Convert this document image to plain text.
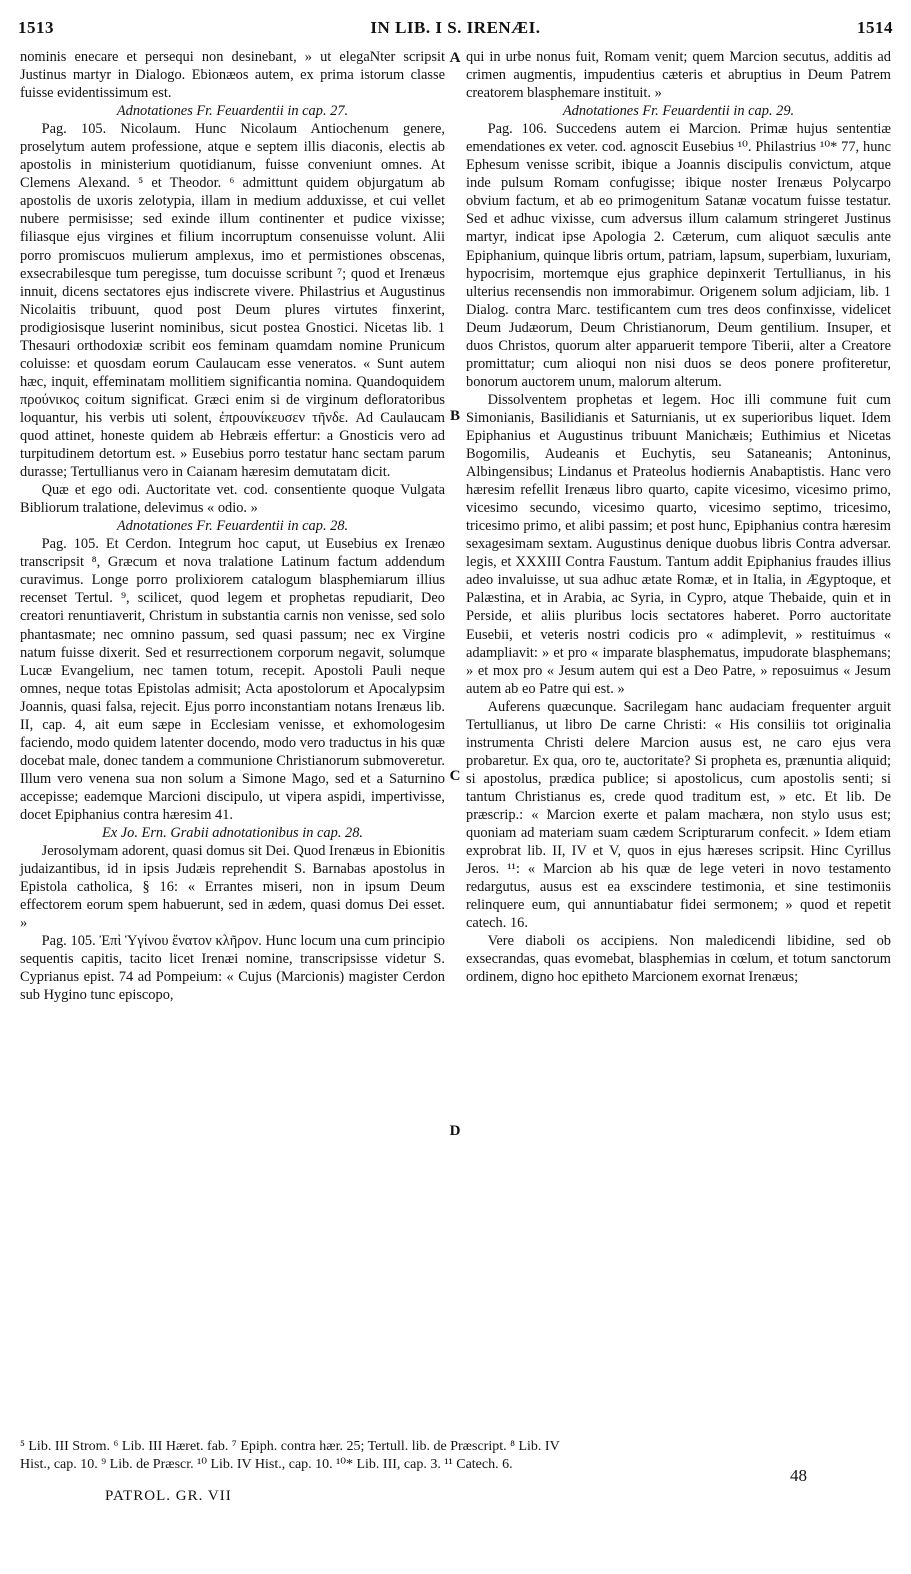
1513	IN LIB. I S. IRENÆI.	1514

nominis enecare et persequi non desinebant, » ut elegaNter scripsit Justinus martyr in Dialogo. Ebionæos autem, ex prima istorum classe fuisse evidentissimum est.

Adnotationes Fr. Feuardentii in cap. 27.

Pag. 105. Nicolaum. Hunc Nicolaum Antiochenum genere, proselytum autem professione, atque e septem illis diaconis, electis ab apostolis in ministerium quotidianum, fuisse conveniunt omnes. At Clemens Alexand. ⁵ et Theodor. ⁶ admittunt quidem objurgatum ab apostolis de uxoris zelotypia, illam in medium adduxisse, et cui vellet nubere permisisse; sed exinde illum continenter et pudice vixisse; filiasque ejus virgines et filium incorruptum consenuisse volunt. Alii porro promiscuos mulierum amplexus, imo et permistiones obscenas, exsecrabilesque tum peregisse, tum docuisse scribunt ⁷; quod et Irenæus innuit, dicens sectatores ejus indiscrete vivere. Philastrius et Augustinus Nicolaitis tribuunt, quod post Deum plures virtutes finxerint, prodigiosisque luserint nominibus, sicut postea Gnostici. Nicetas lib. 1 Thesauri orthodoxiæ scribit eos feminam quamdam nomine Prunicum coluisse: et quosdam eorum Caulaucam esse veneratos. « Sunt autem hæc, inquit, effeminatam mollitiem significantia nomina. Quandoquidem προύνικος coitum significat. Græci enim si de virginum defloratoribus loquantur, his verbis uti solent, ἐπρουνίκευσεν τῆνδε. Ad Caulaucam quod attinet, honeste quidem ab Hebræis effertur: a Gnosticis vero ad turpitudinem detortum est. » Eusebius porro testatur hanc sectam parum durasse; Tertullianus vero in Caianam hæresim demutatam dicit.

Quæ et ego odi. Auctoritate vet. cod. consentiente quoque Vulgata Bibliorum tralatione, delevimus « odio. »

Adnotationes Fr. Feuardentii in cap. 28.

Pag. 105. Et Cerdon. Integrum hoc caput, ut Eusebius ex Irenæo transcripsit ⁸, Græcum et nova tralatione Latinum factum addendum curavimus. Longe porro prolixiorem catalogum blasphemiarum illius recenset Tertul. ⁹, scilicet, quod legem et prophetas repudiarit, Deo creatori renuntiaverit, Christum in substantia carnis non venisse, sed solo phantasmate; nec omnino passum, sed quasi passum; nec ex Virgine natum fuisse dixerit. Sed et resurrectionem corporum negavit, solumque Lucæ Evangelium, nec tamen totum, recepit. Apostoli Pauli neque omnes, neque totas Epistolas admisit; Acta apostolorum et Apocalypsim Joannis, quasi falsa, rejecit. Ejus porro inconstantiam notans Irenæus lib. II, cap. 4, ait eum sæpe in Ecclesiam venisse, et exhomologesim faciendo, modo quidem latenter docendo, modo vero traductus in his quæ docebat male, donec tandem a communione Christianorum submoveretur. Illum vero venena sua non solum a Simone Mago, sed et a Saturnino accepisse; eademque Marcioni discipulo, ut vipera aspidi, impertivisse, docet Epiphanius contra hæresim 41.

Ex Jo. Ern. Grabii adnotationibus in cap. 28.

Jerosolymam adorent, quasi domus sit Dei. Quod Irenæus in Ebionitis judaizantibus, id in ipsis Judæis reprehendit S. Barnabas apostolus in Epistola catholica, § 16: « Errantes miseri, non in ipsum Deum effectorem eorum spem habuerunt, sed in ædem, quasi domus Dei esset. »

Pag. 105. Ἐπὶ Ὑγίνου ἔνατον κλῆρον. Hunc locum una cum principio sequentis capitis, tacito licet Irenæi nomine, transcripsisse videtur S. Cyprianus epist. 74 ad Pompeium: « Cujus (Marcionis) magister Cerdon sub Hygino tunc episcopo,

A
B
C
D

qui in urbe nonus fuit, Romam venit; quem Marcion secutus, additis ad crimen augmentis, impudentius cæteris et abruptius in Deum Patrem creatorem blasphemare instituit. »

Adnotationes Fr. Feuardentii in cap. 29.

Pag. 106. Succedens autem ei Marcion. Primæ hujus sententiæ emendationes ex veter. cod. agnoscit Eusebius ¹⁰. Philastrius ¹⁰* 77, hunc Ephesum venisse scribit, ibique a Joannis discipulis convictum, atque inde pulsum Romam confugisse; ibique noster Irenæus Polycarpo obvium factum, et ab eo primogenitum Satanæ vocatum fuisse testatur. Sed et adhuc vixisse, cum adversus illum calamum stringeret Justinus martyr, indicat ipse Apologia 2. Cæterum, cum aliquot sæculis ante Epiphanium, quinque libris ortum, patriam, lapsum, superbiam, luxuriam, hypocrisim, mortemque ejus graphice depinxerit Tertullianus, in his ulterius recensendis non immorabimur. Origenem solum adjiciam, lib. 1 Dialog. contra Marc. testificantem cum tres deos confinxisse, videlicet Deum Judæorum, Deum Christianorum, Deum gentilium. Insuper, et duos Christos, quorum alter apparuerit tempore Tiberii, alter a Creatore promittatur; cum alioqui non nisi duos se deos ponere profiteretur, bonorum auctorem unum, malorum alterum.

Dissolventem prophetas et legem. Hoc illi commune fuit cum Simonianis, Basilidianis et Saturnianis, ut ex superioribus liquet. Idem Epiphanius et Augustinus tribuunt Manichæis; Euthimius et Nicetas Bogomilis, Audeanis et Euchytis, seu Sataneanis; Antoninus, Albingensibus; Lindanus et Prateolus hodiernis Anabaptistis. Hanc vero hæresim refellit Irenæus libro quarto, capite vicesimo, vicesimo primo, vicesimo secundo, vicesimo quarto, vicesimo septimo, tricesimo, tricesimo primo, et alibi passim; et post hunc, Epiphanius contra hæresim sexagesimam sextam. Augustinus denique duobus libris Contra adversar. legis, et XXXIII Contra Faustum. Tantum addit Epiphanius fraudes illius adeo invaluisse, ut sua adhuc ætate Romæ, et in Italia, in Ægyptoque, et Palæstina, et in Arabia, ac Syria, in Cypro, atque Thebaide, quin et in Perside, et aliis pluribus locis sectatores haberet. Porro auctoritate Eusebii, et veteris nostri codicis pro « adimplevit, » restituimus « adampliavit: » et pro « imparate blasphematus, impudorate blasphemans; » et mox pro « Jesum autem qui est a Deo Patre, » reposuimus « Jesum autem ab eo Patre qui est. »

Auferens quæcunque. Sacrilegam hanc audaciam frequenter arguit Tertullianus, ut libro De carne Christi: « His consiliis tot originalia instrumenta Christi delere Marcion ausus est, ne caro ejus vera probaretur. Ex qua, oro te, auctoritate? Si propheta es, prænuntia aliquid; si apostolus, prædica publice; si apostolicus, cum apostolis senti; si tantum Christianus es, crede quod traditum est, » etc. Et lib. De præscrip.: « Marcion exerte et palam machæra, non stylo usus est; quoniam ad materiam suam cædem Scripturarum confecit. » Idem etiam exprobrat lib. II, IV et V, quos in ejus hæreses scripsit. Hinc Cyrillus Jeros. ¹¹: « Marcion ab his quæ de lege veteri in novo testamento redargutus, ausus est ea exscindere testimonia, et sine testimoniis relinquere eum, qui annuntiabatur fidei sermonem; » quod et repetit catech. 16.

Vere diaboli os accipiens. Non maledicendi libidine, sed ob exsecrandas, quas evomebat, blasphemias in cœlum, et totum sanctorum ordinem, digno hoc epitheto Marcionem exornat Irenæus;

⁵ Lib. III Strom. ⁶ Lib. III Hæret. fab. ⁷ Epiph. contra hær. 25; Tertull. lib. de Præscript. ⁸ Lib. IV
Hist., cap. 10. ⁹ Lib. de Præscr. ¹⁰ Lib. IV Hist., cap. 10. ¹⁰* Lib. III, cap. 3. ¹¹ Catech. 6.
PATROL. GR. VII
48
